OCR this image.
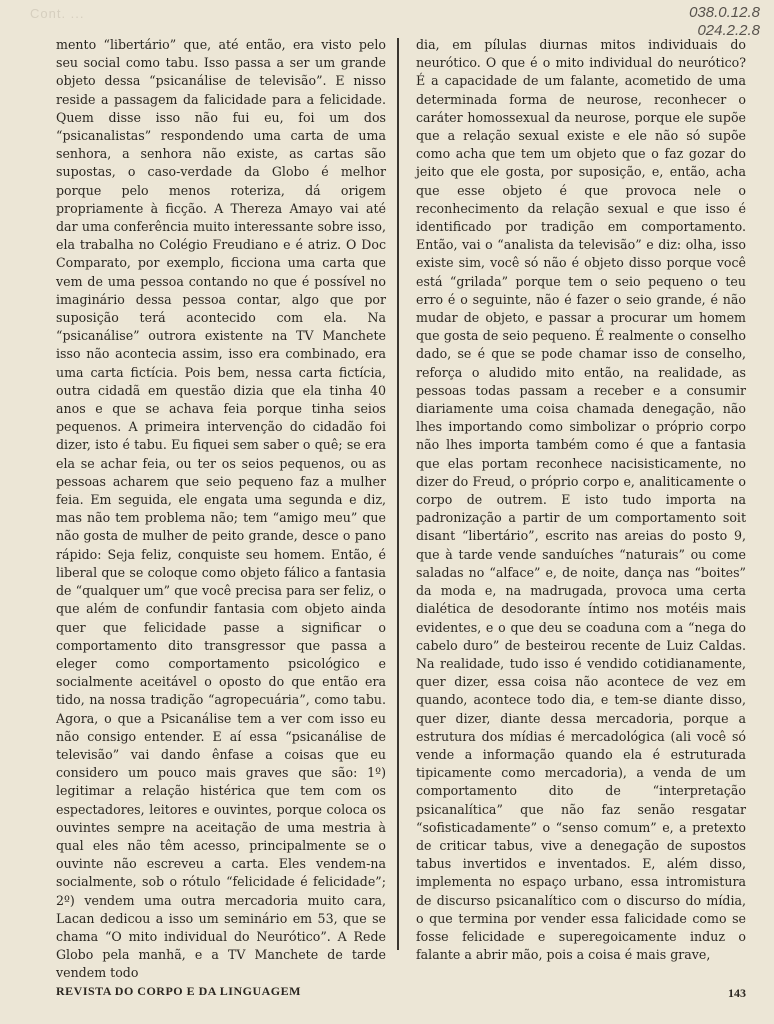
Cont. ...	038.0.12.8
024.2.2.8

mento “libertário” que, até então, era visto pelo seu social como tabu. Isso passa a ser um grande objeto dessa “psicanálise de televisão”. E nisso reside a passagem da falicidade para a felicidade. Quem disse isso não fui eu, foi um dos “psicanalistas” respondendo uma carta de uma senhora, a senhora não existe, as cartas são supostas, o caso-verdade da Globo é melhor porque pelo menos roteriza, dá origem propriamente à ficção. A Thereza Amayo vai até dar uma conferência muito interessante sobre isso, ela trabalha no Colégio Freudiano e é atriz. O Doc Comparato, por exemplo, ficciona uma carta que vem de uma pessoa contando no que é possível no imaginário dessa pessoa contar, algo que por suposição terá acontecido com ela. Na “psicanálise” outrora existente na TV Manchete isso não acontecia assim, isso era combinado, era uma carta fictícia. Pois bem, nessa carta fictícia, outra cidadã em questão dizia que ela tinha 40 anos e que se achava feia porque tinha seios pequenos. A primeira intervenção do cidadão foi dizer, isto é tabu. Eu fiquei sem saber o quê; se era ela se achar feia, ou ter os seios pequenos, ou as pessoas acharem que seio pequeno faz a mulher feia. Em seguida, ele engata uma segunda e diz, mas não tem problema não; tem “amigo meu” que não gosta de mulher de peito grande, desce o pano rápido: Seja feliz, conquiste seu homem. Então, é liberal que se coloque como objeto fálico a fantasia de “qualquer um” que você precisa para ser feliz, o que além de confundir fantasia com objeto ainda quer que felicidade passe a significar o comportamento dito transgressor que passa a eleger como comportamento psicológico e socialmente aceitável o oposto do que então era tido, na nossa tradição “agropecuária”, como tabu. Agora, o que a Psicanálise tem a ver com isso eu não consigo entender. E aí essa “psicanálise de televisão” vai dando ênfase a coisas que eu considero um pouco mais graves que são: 1º) legitimar a relação histérica que tem com os espectadores, leitores e ouvintes, porque coloca os ouvintes sempre na aceitação de uma mestria à qual eles não têm acesso, principalmente se o ouvinte não escreveu a carta. Eles vendem-na socialmente, sob o rótulo “felicidade é felicidade”; 2º) vendem uma outra mercadoria muito cara, Lacan dedicou a isso um seminário em 53, que se chama “O mito individual do Neurótico”. A Rede Globo pela manhã, e a TV Manchete de tarde vendem todo

dia, em pílulas diurnas mitos individuais do neurótico. O que é o mito individual do neurótico? É a capacidade de um falante, acometido de uma determinada forma de neurose, reconhecer o caráter homossexual da neurose, porque ele supõe que a relação sexual existe e ele não só supõe como acha que tem um objeto que o faz gozar do jeito que ele gosta, por suposição, e, então, acha que esse objeto é que provoca nele o reconhecimento da relação sexual e que isso é identificado por tradição em comportamento. Então, vai o “analista da televisão” e diz: olha, isso existe sim, você só não é objeto disso porque você está “grilada” porque tem o seio pequeno o teu erro é o seguinte, não é fazer o seio grande, é não mudar de objeto, e passar a procurar um homem que gosta de seio pequeno. É realmente o conselho dado, se é que se pode chamar isso de conselho, reforça o aludido mito então, na realidade, as pessoas todas passam a receber e a consumir diariamente uma coisa chamada denegação, não lhes importando como simbolizar o próprio corpo não lhes importa também como é que a fantasia que elas portam reconhece nacisisticamente, no dizer do Freud, o próprio corpo e, analiticamente o corpo de outrem. E isto tudo importa na padronização a partir de um comportamento soit disant “libertário”, escrito nas areias do posto 9, que à tarde vende sanduíches “naturais” ou come saladas no “alface” e, de noite, dança nas “boites” da moda e, na madrugada, provoca uma certa dialética de desodorante íntimo nos motéis mais evidentes, e o que deu se coaduna com a “nega do cabelo duro” de besteirou recente de Luiz Caldas. Na realidade, tudo isso é vendido cotidianamente, quer dizer, essa coisa não acontece de vez em quando, acontece todo dia, e tem-se diante disso, quer dizer, diante dessa mercadoria, porque a estrutura dos mídias é mercadológica (ali você só vende a informação quando ela é estruturada tipicamente como mercadoria), a venda de um comportamento dito de “interpretação psicanalítica” que não faz senão resgatar “sofisticadamente” o “senso comum” e, a pretexto de criticar tabus, vive a denegação de supostos tabus invertidos e inventados. E, além disso, implementa no espaço urbano, essa intromistura de discurso psicanalítico com o discurso do mídia, o que termina por vender essa falicidade como se fosse felicidade e superegoicamente induz o falante a abrir mão, pois a coisa é mais grave,

REVISTA DO CORPO E DA LINGUAGEM	143
